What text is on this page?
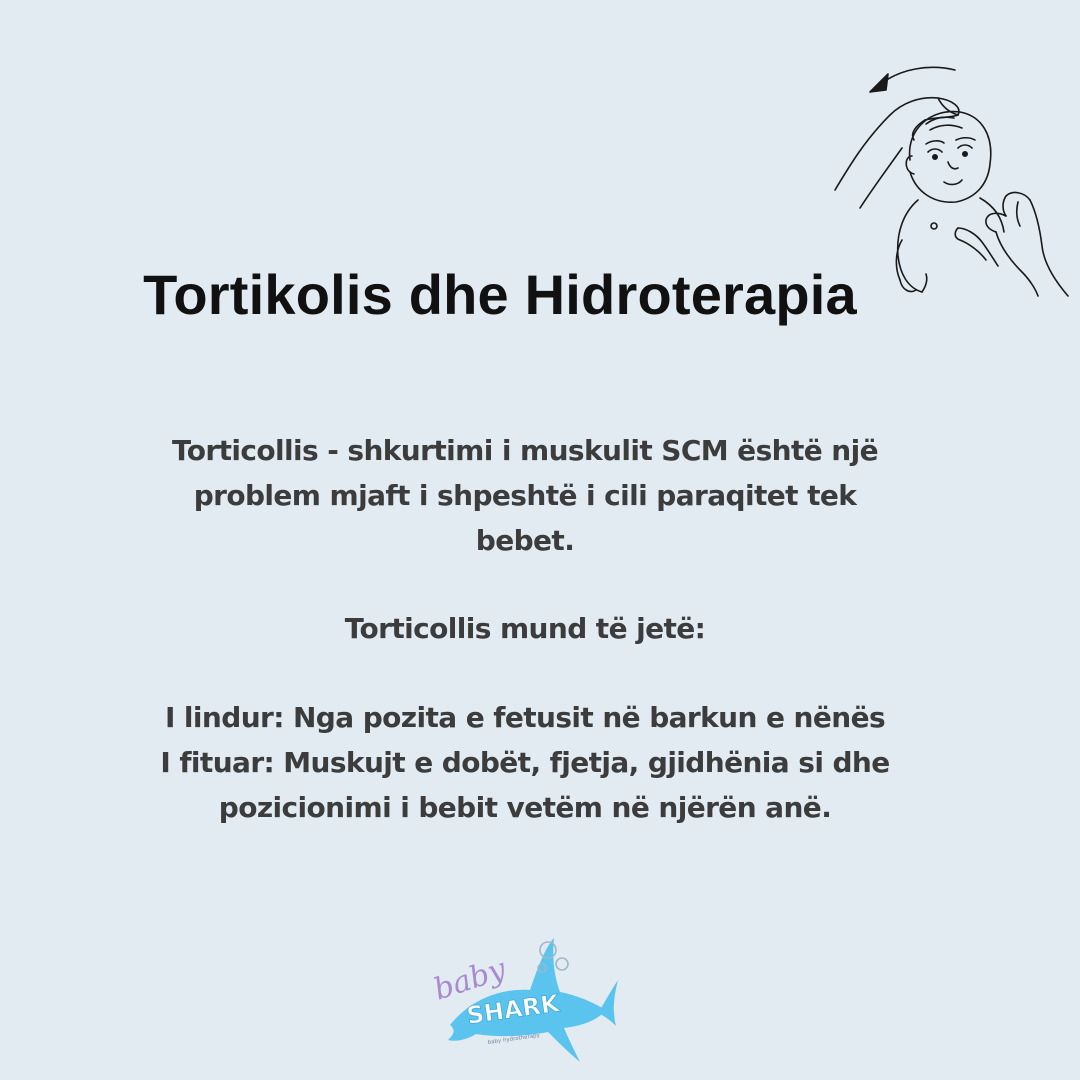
Tortikolis dhe Hidroterapia

Torticollis - shkurtimi i muskulit SCM është një problem mjaft i shpeshtë i cili paraqitet tek bebet.

Torticollis mund të jetë:

I lindur: Nga pozita e fetusit në barkun e nënës
I fituar: Muskujt e dobët, fjetja, gjidhënia si dhe pozicionimi i bebit vetëm në njërën anë.
baby
SHARK
baby hydrotherapy
